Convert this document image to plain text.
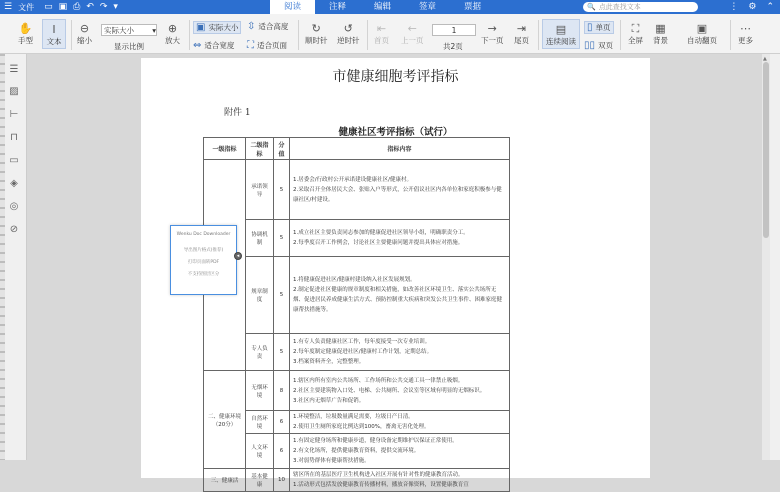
☰ 文件 ▭ ▣ ⎙ ↶ ↷ ▾	阅读	注释	编辑	签章	票据	🔍 点此查找文本	⋮ ⚙ ⌃
✋
手型
I
文本
⊖
缩小
实际大小 ▾
显示比例
⊕
放大
▣ 实际大小 ⇳ 适合高度
⇔ 适合宽度 ⛶ 适合页面
↻
顺时针
↺
逆时针
⇤
首页
←
上一页
1
共2页
→
下一页
⇥
尾页
▤
连续阅读
▯ 单页
▯▯ 双页
⛶
全屏
▦
背景
▣
自动翻页
⋯
更多
☰
▨
⊢
⊓
▭
◈
◎
⊘
市健康细胞考评指标
附件 1
健康社区考评指标（试行）
一级指标	二级指标	分值	指标内容
	承诺领导	5	1.居委会/行政村公开承诺建设健康社区/健康村。
2.采取召开全体居民大会、张贴入户等形式，公开倡议社区内各单位和家庭积极参与健康社区/村建设。
	协调机制	5	1.成立社区主要负责同志参加的健康促进社区领导小组，明确职责分工。
2.每季度召开工作例会，讨论社区主要健康问题并提出具体应对措施。
	规章制度	5	1.将健康促进社区/健康村建设纳入社区发展规划。
2.制定促进社区健康的规章制度和相关措施，如改善社区环境卫生、落实公共场所无烟、促进居民养成健康生活方式、预防控制重大疾病和突发公共卫生事件、困难家庭健康帮扶措施等。
	专人负责	5	1.有专人负责健康社区工作，每年度接受一次专业培训。
2.每年度制定健康促进社区/健康村工作计划，定期总结。
3.档案资料齐全，完整整理。
二、健康环境（20分）	无烟环境	8	1.辖区内所有室内公共场所、工作场所和公共交通工具一律禁止吸烟。
2.社区主要建筑物入口处、电梯、公共厕所、会议室等区域有明显的无烟标识。
3.社区内无烟草广告和促销。
	自然环境	6	1.环境整洁，垃圾数量满足需要，垃圾日产日清。
2.使用卫生厕所家庭比例达到100%，畜禽无害化处理。
	人文环境	6	1.有固定健身场所和健康步道，健身设备定期维护以保证正常使用。
2.有文化场所，提供健康教育资料，提供交流环境。
3.对弱势群体有健康帮扶措施。
三、健康活	基本健康	10	辖区所在的基层医疗卫生机构进入社区开展有针对性的健康教育活动。
1.活动形式包括发放健康教育传播材料，播放音像资料，设置健康教育宣
Wenku Doc Downloader
导出图片格式(推荐)
打印页面转PDF
不支持图层区分
◂
▲
